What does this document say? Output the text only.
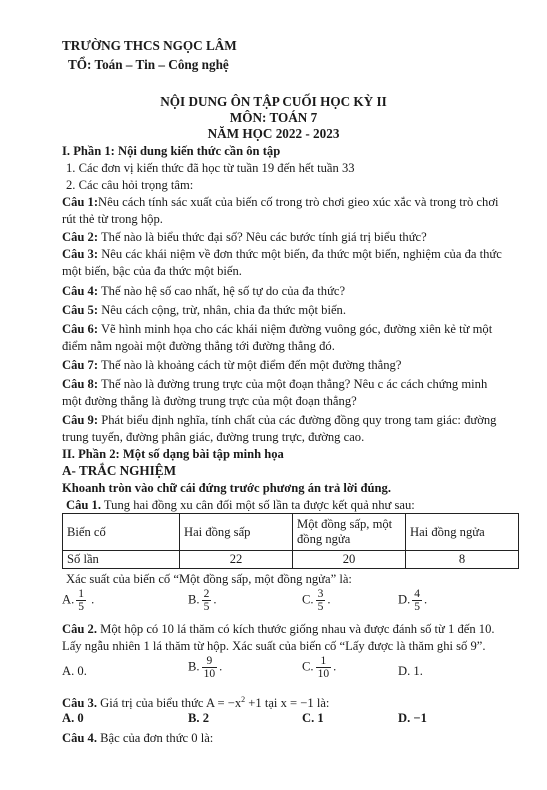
TRƯỜNG THCS NGỌC LÂM
TỔ: Toán – Tin – Công nghệ
NỘI DUNG ÔN TẬP CUỐI HỌC KỲ II
MÔN: TOÁN 7
NĂM HỌC 2022 - 2023
I. Phần 1: Nội dung kiến thức cần ôn tập
1. Các đơn vị kiến thức đã học từ tuần 19 đến hết tuần 33
2. Các câu hỏi trọng tâm:
Câu 1:Nêu cách tính sác xuất của biến cố trong trò chơi gieo xúc xắc và trong trò chơi
rút thẻ từ trong hộp.
Câu 2: Thế nào là biểu thức đại số? Nêu các bước tính giá trị biểu thức?
Câu 3: Nêu các khái niệm về đơn thức một biến, đa thức một biến, nghiệm của đa thức
một biến, bậc của đa thức một biến.
Câu 4: Thế nào hệ số cao nhất, hệ số tự do của đa thức?
Câu 5: Nêu cách cộng, trừ, nhân, chia đa thức một biến.
Câu 6: Vẽ hình minh họa cho các khái niệm đường vuông góc, đường xiên kẻ từ một
điểm nằm ngoài một đường thẳng tới đường thẳng đó.
Câu 7: Thế nào là khoảng cách từ một điểm đến một đường thẳng?
Câu 8: Thế nào là đường trung trực của một đoạn thẳng? Nêu c ác cách chứng minh
một đường thẳng là đường trung trực của một đoạn thẳng?
Câu 9: Phát biểu định nghĩa, tính chất của các đường đồng quy trong tam giác: đường
trung tuyến, đường phân giác, đường trung trực, đường cao.
II. Phần 2: Một số dạng bài tập minh họa
A- TRẮC NGHIỆM
Khoanh tròn vào chữ cái đứng trước phương án trả lời đúng.
Câu 1. Tung hai đồng xu cân đối một số lần ta được kết quả như sau:
Biến cố	Hai đồng sấp	Một đồng sấp, một
đồng ngửa	Hai đồng ngửa
Số lần	22	20	8
Xác suất của biến cố “Một đồng sấp, một đồng ngửa” là:
A. $\frac{1}{5}$ .	B. $\frac{2}{5}$ .	C. $\frac{3}{5}$ .	D. $\frac{4}{5}$ .
Câu 2. Một hộp có 10 lá thăm có kích thước giống nhau và được đánh số từ 1 đến 10.
Lấy ngẫu nhiên 1 lá thăm từ hộp. Xác suất của biến cố “Lấy được là thăm ghi số 9”.
A. 0.	B. $\frac{9}{10}$ .	C. $\frac{1}{10}$ .	D. 1.
Câu 3. Giá trị của biểu thức $A = -x^2 +1$ tại x = −1 là:
A. 0	B. 2	C. 1	D. −1
Câu 4. Bậc của đơn thức 0 là:
